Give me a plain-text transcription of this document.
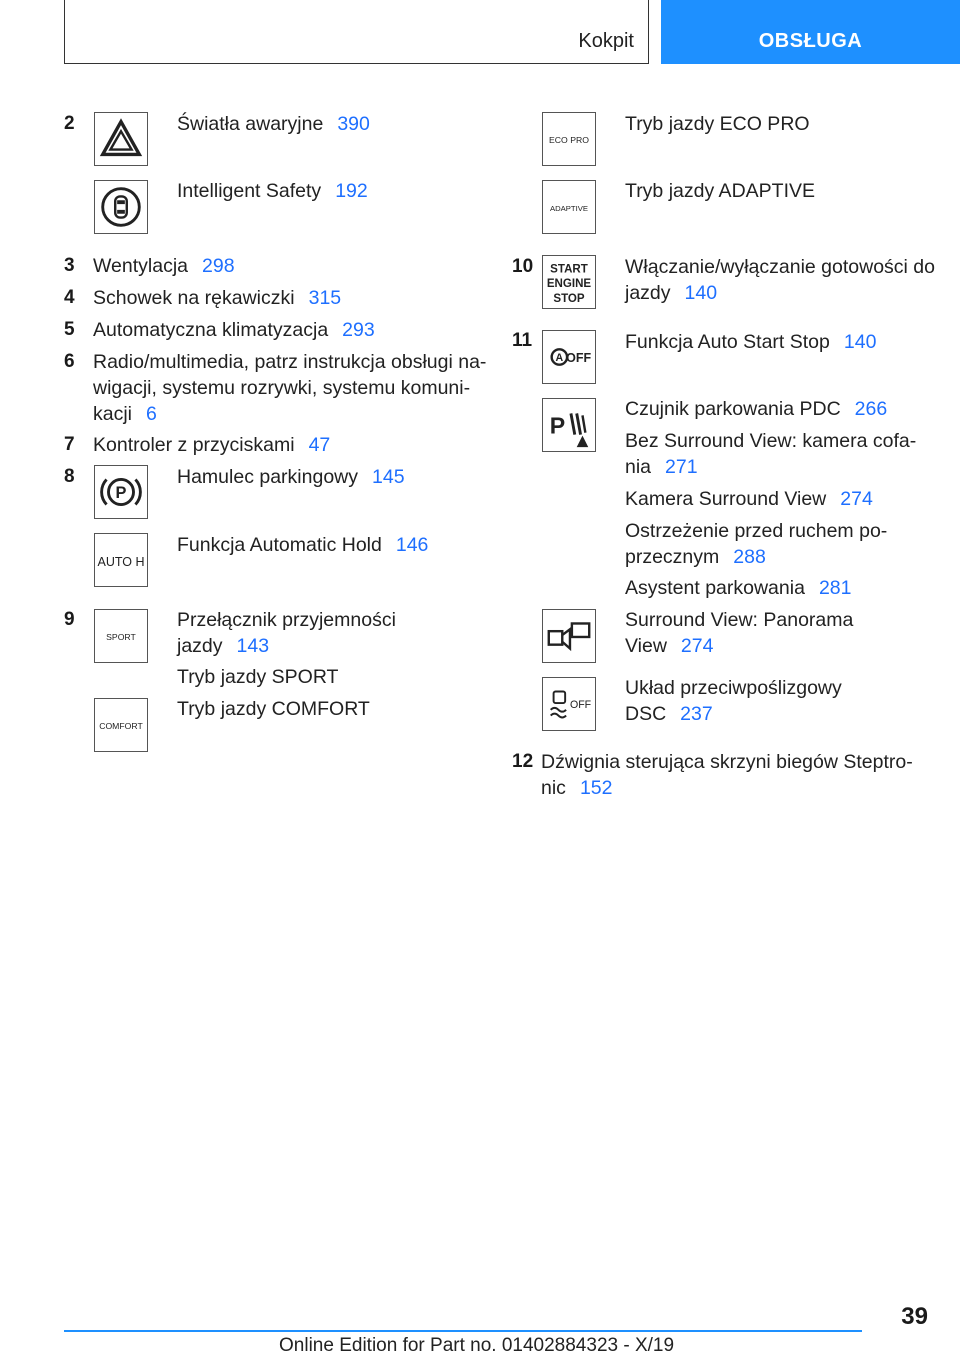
Kokpit	OBSŁUGA
2	Światła awaryjne 390
Intelligent Safety 192
3 Wentylacja 298
4 Schowek na rękawiczki 315
5 Automatyczna klimatyzacja 293
6 Radio/multimedia, patrz instrukcja obsługi na-
wigacji, systemu rozrywki, systemu komuni-
kacji 6
7 Kontroler z przyciskami 47
8
P
Hamulec parkingowy 145
AUTO H
Funkcja Automatic Hold 146
9
SPORT
Przełącznik przyjemności
jazdy 143
Tryb jazdy SPORT
COMFORT
Tryb jazdy COMFORT
ECO PRO
Tryb jazdy ECO PRO
ADAPTIVE
Tryb jazdy ADAPTIVE
10 START
ENGINE
STOP
Włączanie/wyłączanie gotowości do
jazdy 140
11
A OFF
Funkcja Auto Start Stop 140
P
Czujnik parkowania PDC 266
Bez Surround View: kamera cofa-
nia 271
Kamera Surround View 274
Ostrzeżenie przed ruchem po-
przecznym 288
Asystent parkowania 281
Surround View: Panorama
View 274
OFF
Układ przeciwpoślizgowy
DSC 237
12 Dźwignia sterująca skrzyni biegów Steptro-
nic 152
39
Online Edition for Part no. 01402884323 - X/19
